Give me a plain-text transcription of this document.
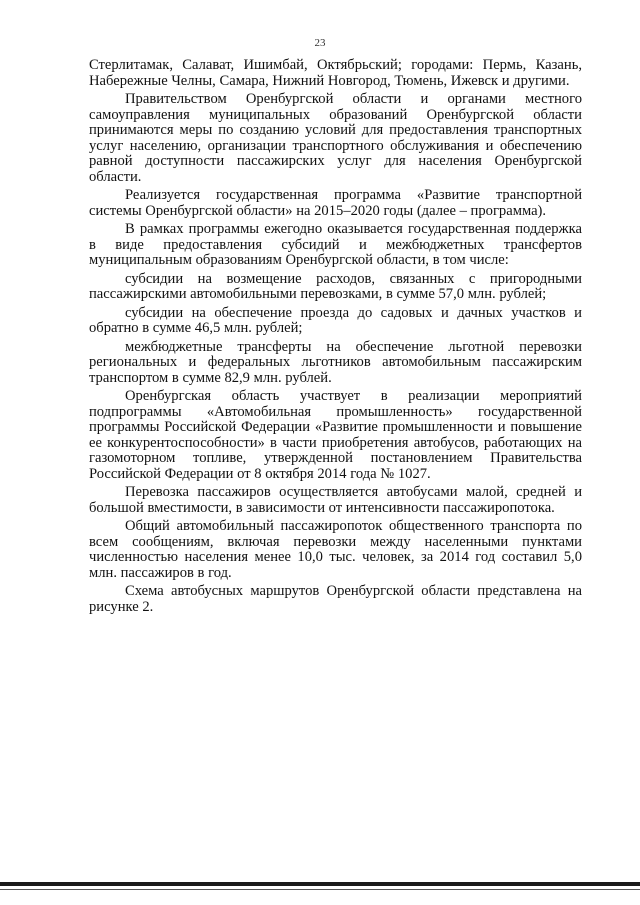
23

Стерлитамак, Салават, Ишимбай, Октябрьский; городами: Пермь, Казань, Набережные Челны, Самара, Нижний Новгород, Тюмень, Ижевск и другими.

Правительством Оренбургской области и органами местного самоуправления муниципальных образований Оренбургской области принимаются меры по созданию условий для предоставления транспортных услуг населению, организации транспортного обслуживания и обеспечению равной доступности пассажирских услуг для населения Оренбургской области.

Реализуется государственная программа «Развитие транспортной системы Оренбургской области» на 2015–2020 годы (далее – программа).

В рамках программы ежегодно оказывается государственная поддержка в виде предоставления субсидий и межбюджетных трансфертов муниципальным образованиям Оренбургской области, в том числе:

субсидии на возмещение расходов, связанных с пригородными пассажирскими автомобильными перевозками, в сумме 57,0 млн. рублей;

субсидии на обеспечение проезда до садовых и дачных участков и обратно в сумме 46,5 млн. рублей;

межбюджетные трансферты на обеспечение льготной перевозки региональных и федеральных льготников автомобильным пассажирским транспортом в сумме 82,9 млн. рублей.

Оренбургская область участвует в реализации мероприятий подпрограммы «Автомобильная промышленность» государственной программы Российской Федерации «Развитие промышленности и повышение ее конкурентоспособности» в части приобретения автобусов, работающих на газомоторном топливе, утвержденной постановлением Правительства Российской Федерации от 8 октября 2014 года № 1027.

Перевозка пассажиров осуществляется автобусами малой, средней и большой вместимости, в зависимости от интенсивности пассажиропотока.

Общий автомобильный пассажиропоток общественного транспорта по всем сообщениям, включая перевозки между населенными пунктами численностью населения менее 10,0 тыс. человек, за 2014 год составил 5,0 млн. пассажиров в год.

Схема автобусных маршрутов Оренбургской области представлена на рисунке 2.
